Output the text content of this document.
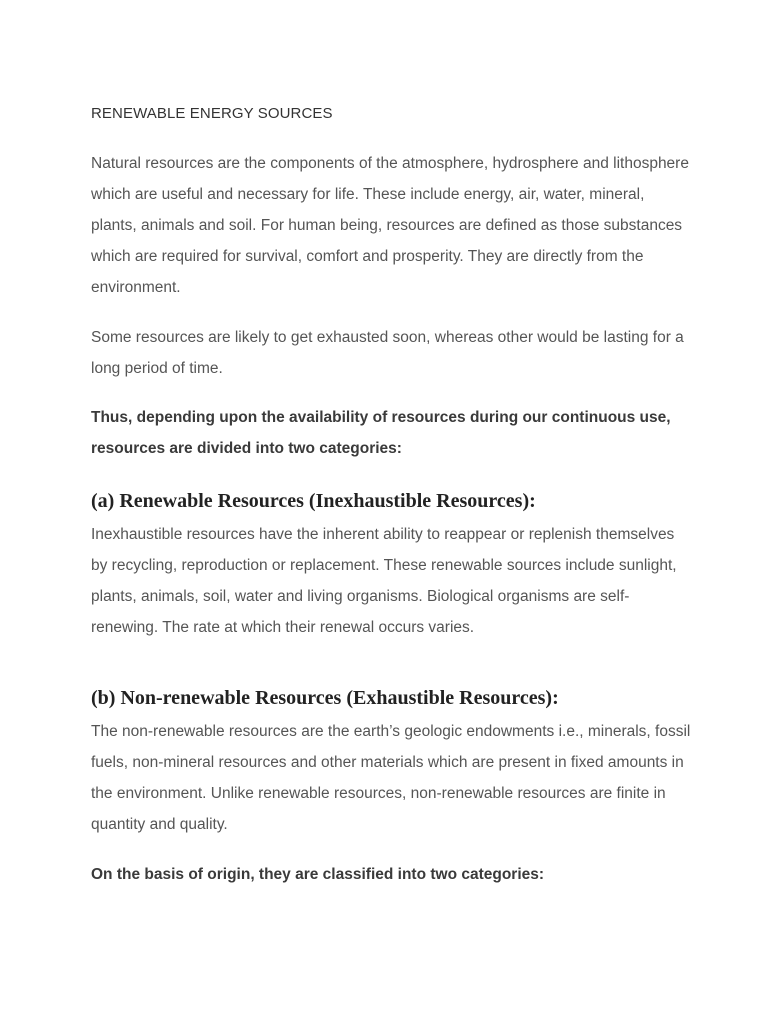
RENEWABLE ENERGY SOURCES

Natural resources are the components of the atmosphere, hydrosphere and lithosphere which are useful and necessary for life. These include energy, air, water, mineral, plants, animals and soil. For human being, resources are defined as those substances which are required for survival, comfort and prosperity. They are directly from the environment.

Some resources are likely to get exhausted soon, whereas other would be lasting for a long period of time.

Thus, depending upon the availability of resources during our continuous use, resources are divided into two categories:

(a) Renewable Resources (Inexhaustible Resources):

Inexhaustible resources have the inherent ability to reappear or replenish themselves by recycling, reproduction or replacement. These renewable sources include sunlight, plants, animals, soil, water and living organisms. Biological organisms are self-renewing. The rate at which their renewal occurs varies.

(b) Non-renewable Resources (Exhaustible Resources):

The non-renewable resources are the earth’s geologic endowments i.e., minerals, fossil fuels, non-mineral resources and other materials which are present in fixed amounts in the environment. Unlike renewable resources, non-renewable resources are finite in quantity and quality.

On the basis of origin, they are classified into two categories:
